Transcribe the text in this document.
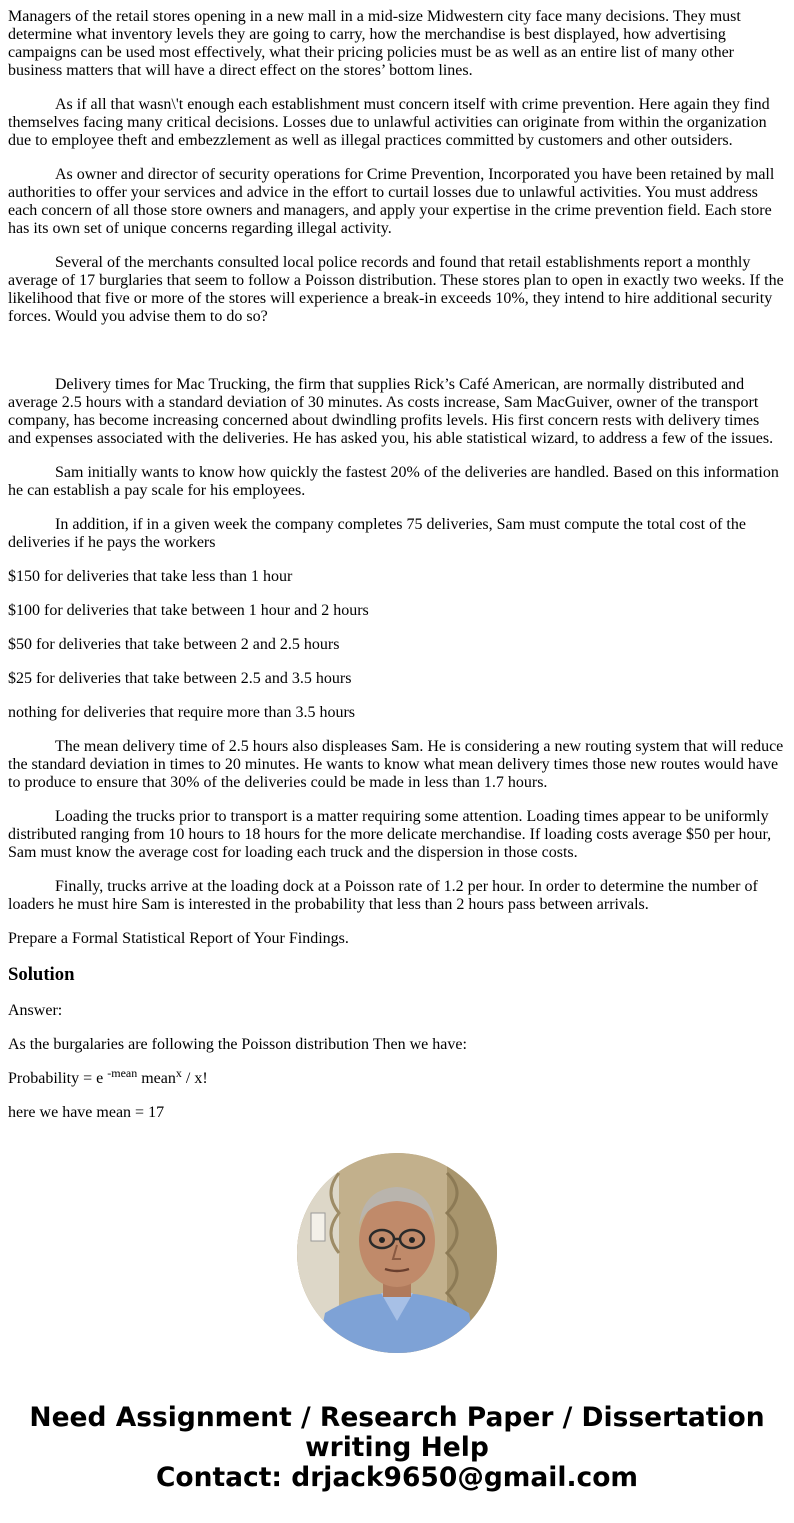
Managers of the retail stores opening in a new mall in a mid-size Midwestern city face many decisions. They must determine what inventory levels they are going to carry, how the merchandise is best displayed, how advertising campaigns can be used most effectively, what their pricing policies must be as well as an entire list of many other business matters that will have a direct effect on the stores’ bottom lines.

As if all that wasn\'t enough each establishment must concern itself with crime prevention. Here again they find themselves facing many critical decisions. Losses due to unlawful activities can originate from within the organization due to employee theft and embezzlement as well as illegal practices committed by customers and other outsiders.

As owner and director of security operations for Crime Prevention, Incorporated you have been retained by mall authorities to offer your services and advice in the effort to curtail losses due to unlawful activities. You must address each concern of all those store owners and managers, and apply your expertise in the crime prevention field. Each store has its own set of unique concerns regarding illegal activity.

Several of the merchants consulted local police records and found that retail establishments report a monthly average of 17 burglaries that seem to follow a Poisson distribution. These stores plan to open in exactly two weeks. If the likelihood that five or more of the stores will experience a break-in exceeds 10%, they intend to hire additional security forces. Would you advise them to do so?

Delivery times for Mac Trucking, the firm that supplies Rick’s Café American, are normally distributed and average 2.5 hours with a standard deviation of 30 minutes. As costs increase, Sam MacGuiver, owner of the transport company, has become increasing concerned about dwindling profits levels. His first concern rests with delivery times and expenses associated with the deliveries. He has asked you, his able statistical wizard, to address a few of the issues.

Sam initially wants to know how quickly the fastest 20% of the deliveries are handled. Based on this information he can establish a pay scale for his employees.

In addition, if in a given week the company completes 75 deliveries, Sam must compute the total cost of the deliveries if he pays the workers

$150 for deliveries that take less than 1 hour

$100 for deliveries that take between 1 hour and 2 hours

$50 for deliveries that take between 2 and 2.5 hours

$25 for deliveries that take between 2.5 and 3.5 hours

nothing for deliveries that require more than 3.5 hours

The mean delivery time of 2.5 hours also displeases Sam. He is considering a new routing system that will reduce the standard deviation in times to 20 minutes. He wants to know what mean delivery times those new routes would have to produce to ensure that 30% of the deliveries could be made in less than 1.7 hours.

Loading the trucks prior to transport is a matter requiring some attention. Loading times appear to be uniformly distributed ranging from 10 hours to 18 hours for the more delicate merchandise. If loading costs average $50 per hour, Sam must know the average cost for loading each truck and the dispersion in those costs.

Finally, trucks arrive at the loading dock at a Poisson rate of 1.2 per hour. In order to determine the number of loaders he must hire Sam is interested in the probability that less than 2 hours pass between arrivals.

Prepare a Formal Statistical Report of Your Findings.

Solution

Answer:

As the burgalaries are following the Poisson distribution Then we have:

Probability = e $^{-mean}$ mean$^x$ / x!

here we have mean = 17

Need Assignment / Research Paper / Dissertation
writing Help
Contact: drjack9650@gmail.com
